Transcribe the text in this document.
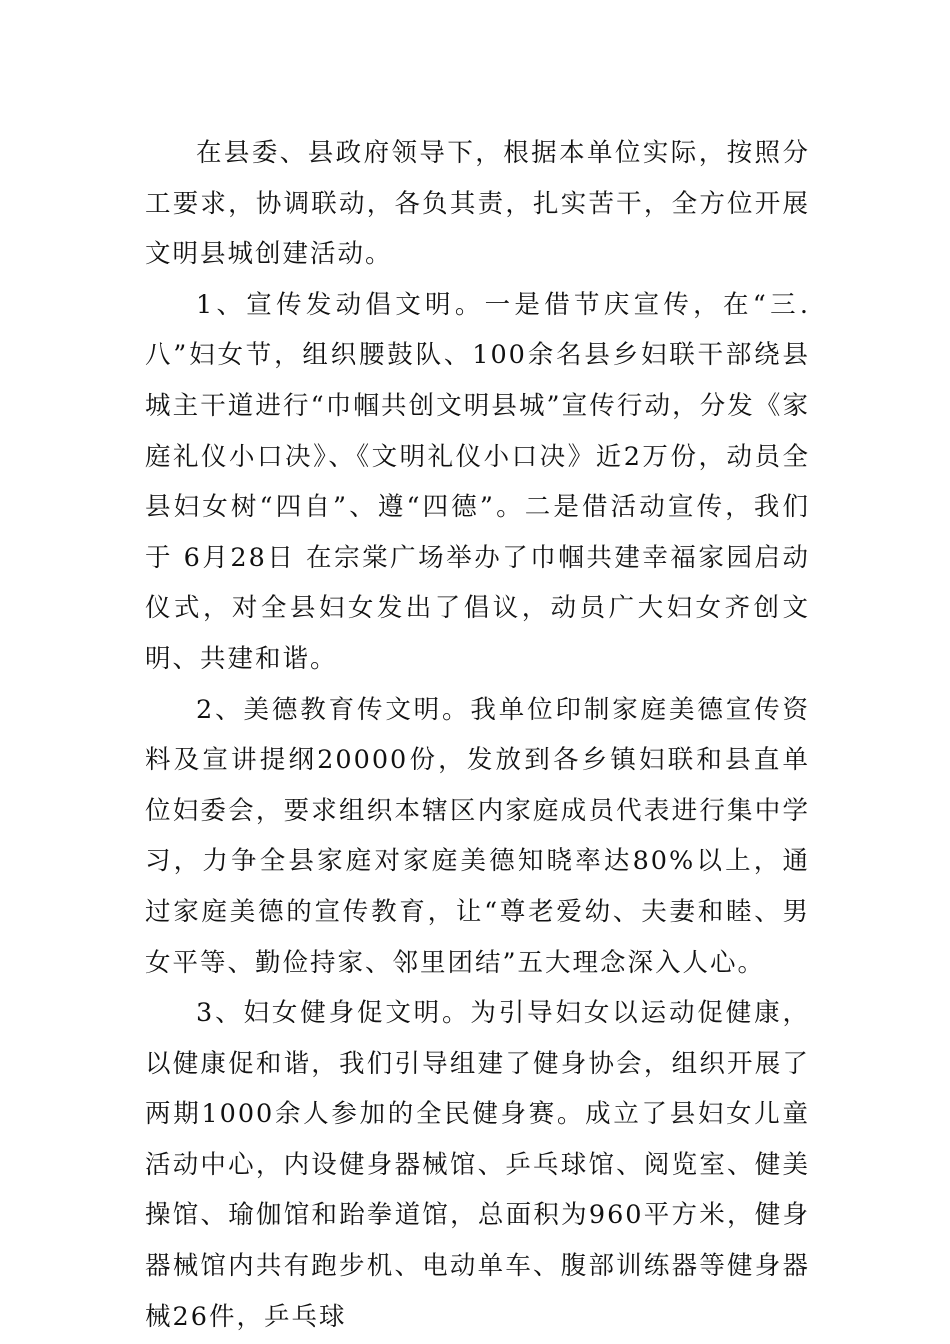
在县委、县政府领导下，根据本单位实际，按照分工要求，协调联动，各负其责，扎实苦干，全方位开展文明县城创建活动。

1、宣传发动倡文明。一是借节庆宣传，在“三.八”妇女节，组织腰鼓队、100余名县乡妇联干部绕县城主干道进行“巾帼共创文明县城”宣传行动，分发《家庭礼仪小口决》、《文明礼仪小口决》近2万份，动员全县妇女树“四自”、遵“四德”。二是借活动宣传，我们于 6月28日 在宗棠广场举办了巾帼共建幸福家园启动仪式，对全县妇女发出了倡议，动员广大妇女齐创文明、共建和谐。

2、美德教育传文明。我单位印制家庭美德宣传资料及宣讲提纲20000份，发放到各乡镇妇联和县直单位妇委会，要求组织本辖区内家庭成员代表进行集中学习，力争全县家庭对家庭美德知晓率达80%以上，通过家庭美德的宣传教育，让“尊老爱幼、夫妻和睦、男女平等、勤俭持家、邻里团结”五大理念深入人心。

3、妇女健身促文明。为引导妇女以运动促健康，以健康促和谐，我们引导组建了健身协会，组织开展了两期1000余人参加的全民健身赛。成立了县妇女儿童活动中心，内设健身器械馆、乒乓球馆、阅览室、健美操馆、瑜伽馆和跆拳道馆，总面积为960平方米，健身器械馆内共有跑步机、电动单车、腹部训练器等健身器械26件，乒乓球
